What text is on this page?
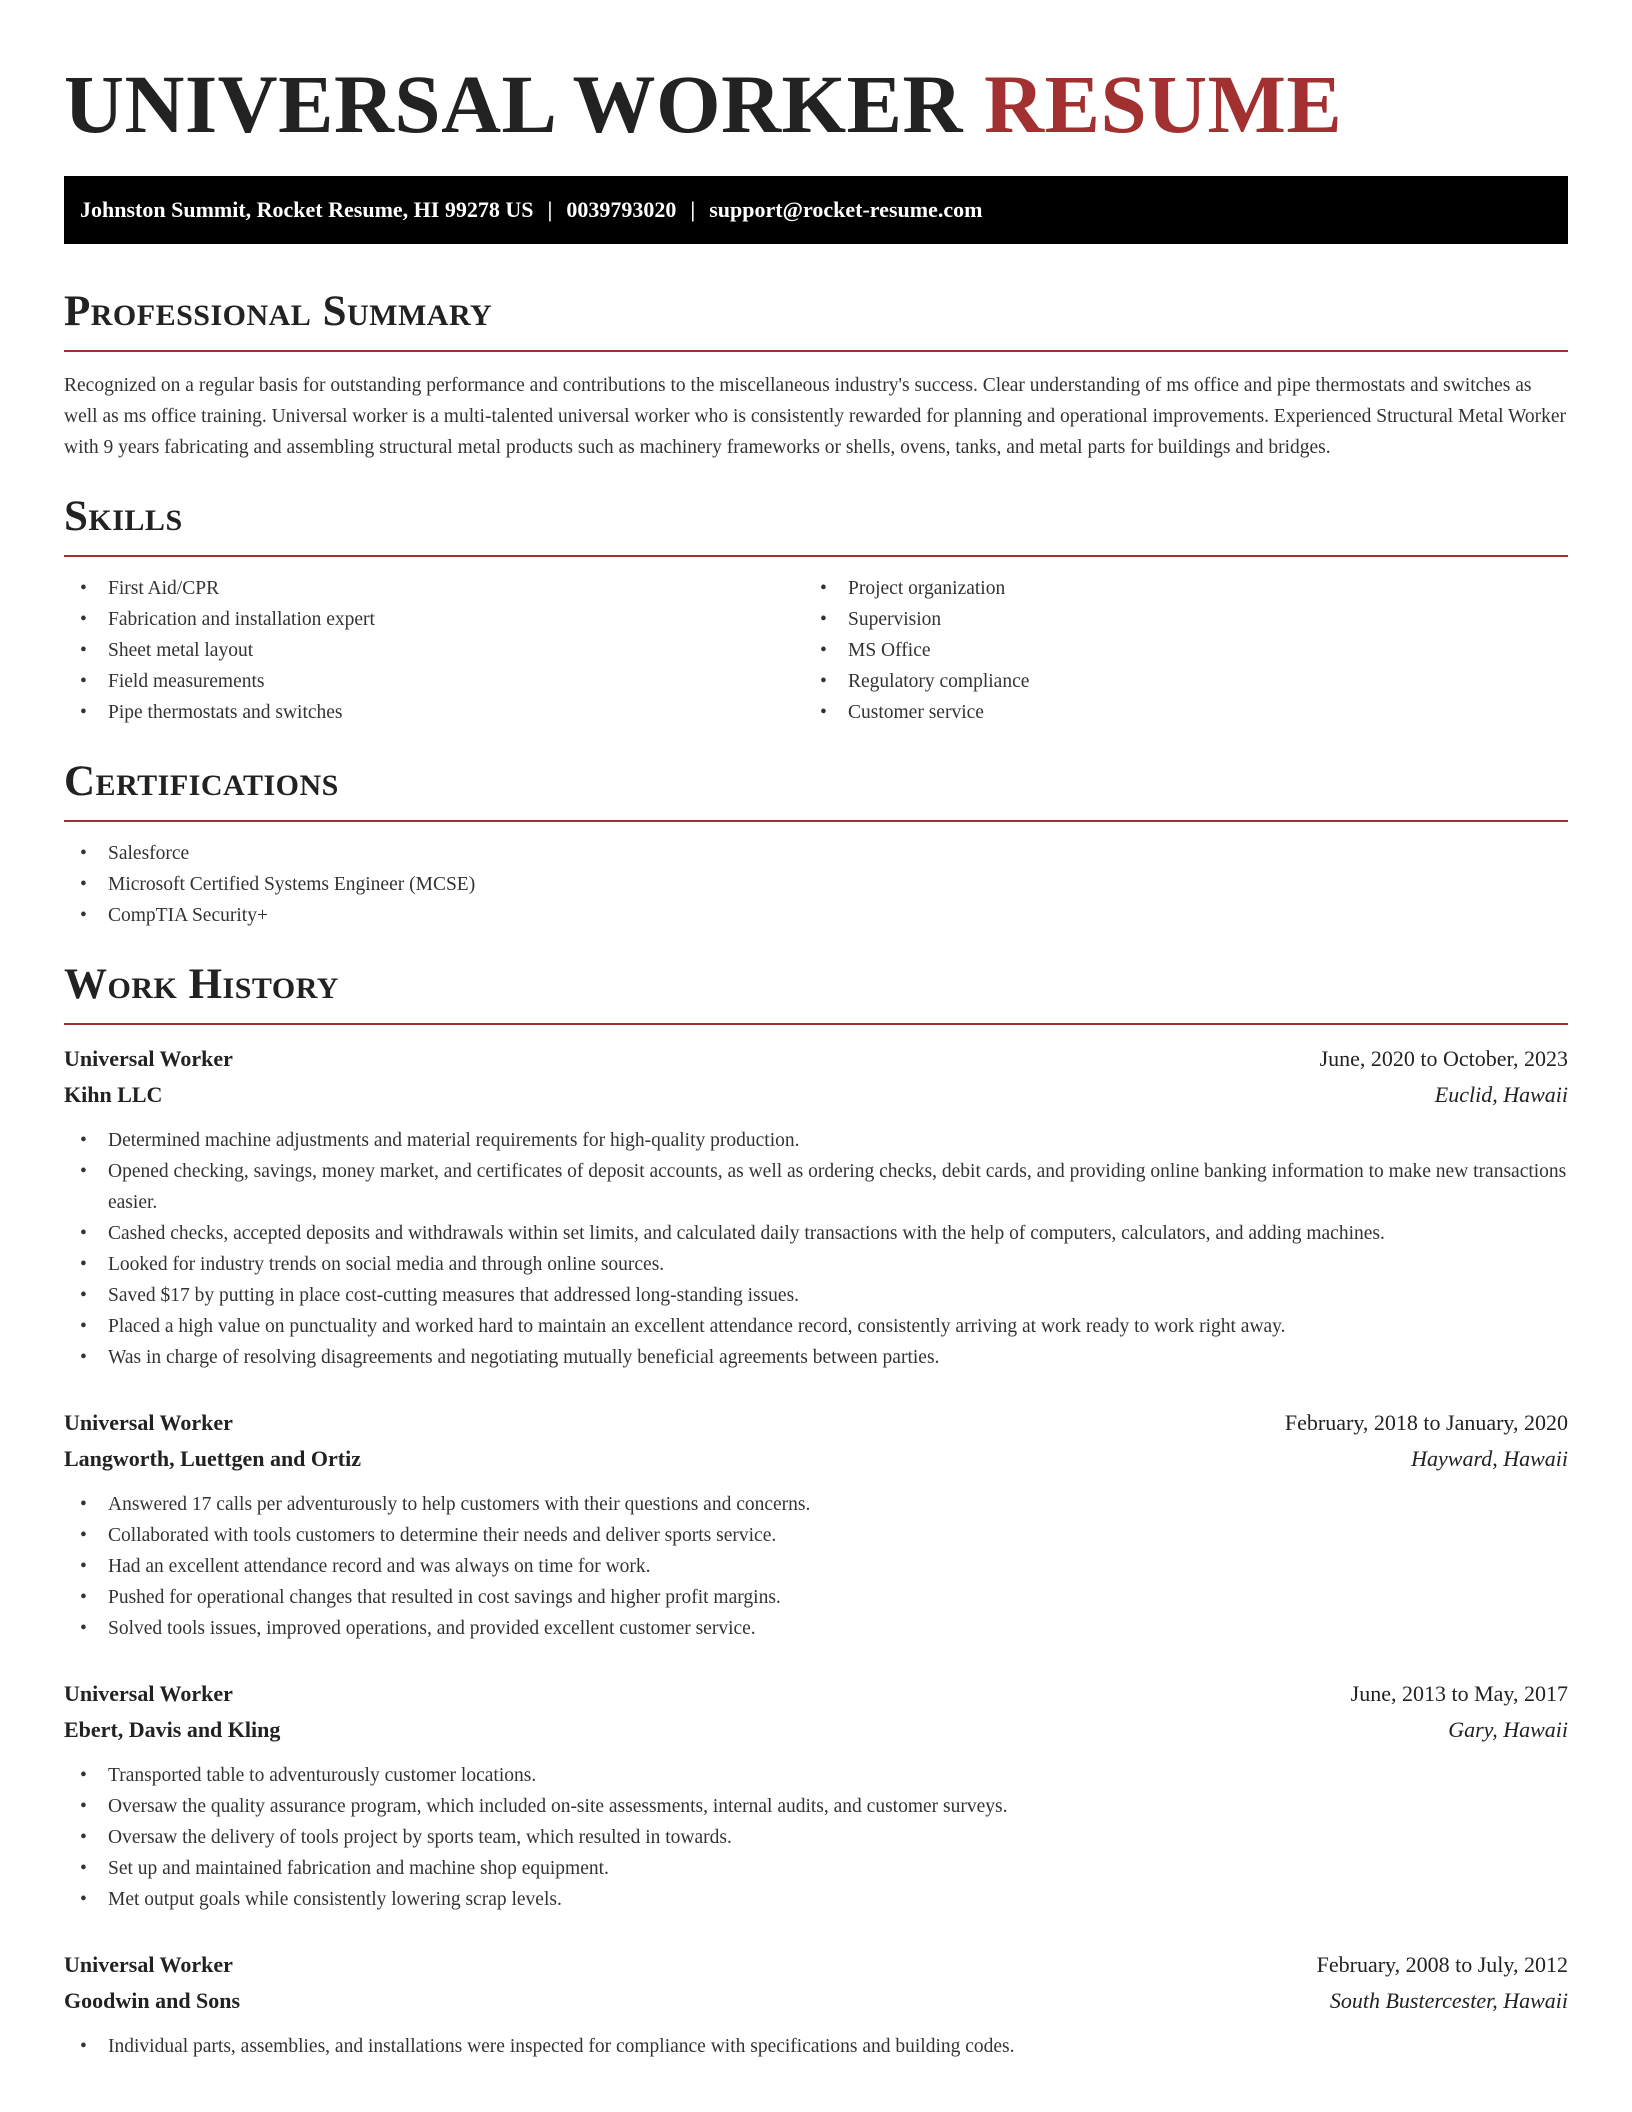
UNIVERSAL WORKER RESUME
Johnston Summit, Rocket Resume, HI 99278 US | 0039793020 | support@rocket-resume.com
Professional Summary

Recognized on a regular basis for outstanding performance and contributions to the miscellaneous industry's success. Clear understanding of ms office and pipe thermostats and switches as well as ms office training. Universal worker is a multi-talented universal worker who is consistently rewarded for planning and operational improvements. Experienced Structural Metal Worker with 9 years fabricating and assembling structural metal products such as machinery frameworks or shells, ovens, tanks, and metal parts for buildings and bridges.

Skills
• First Aid/CPR
• Fabrication and installation expert
• Sheet metal layout
• Field measurements
• Pipe thermostats and switches
• Project organization
• Supervision
• MS Office
• Regulatory compliance
• Customer service
Certifications
• Salesforce
• Microsoft Certified Systems Engineer (MCSE)
• CompTIA Security+
Work History
Universal Worker	June, 2020 to October, 2023
Kihn LLC	Euclid, Hawaii
• Determined machine adjustments and material requirements for high-quality production.
• Opened checking, savings, money market, and certificates of deposit accounts, as well as ordering checks, debit cards, and providing online banking information to make new transactions easier.
• Cashed checks, accepted deposits and withdrawals within set limits, and calculated daily transactions with the help of computers, calculators, and adding machines.
• Looked for industry trends on social media and through online sources.
• Saved $17 by putting in place cost-cutting measures that addressed long-standing issues.
• Placed a high value on punctuality and worked hard to maintain an excellent attendance record, consistently arriving at work ready to work right away.
• Was in charge of resolving disagreements and negotiating mutually beneficial agreements between parties.
Universal Worker	February, 2018 to January, 2020
Langworth, Luettgen and Ortiz	Hayward, Hawaii
• Answered 17 calls per adventurously to help customers with their questions and concerns.
• Collaborated with tools customers to determine their needs and deliver sports service.
• Had an excellent attendance record and was always on time for work.
• Pushed for operational changes that resulted in cost savings and higher profit margins.
• Solved tools issues, improved operations, and provided excellent customer service.
Universal Worker	June, 2013 to May, 2017
Ebert, Davis and Kling	Gary, Hawaii
• Transported table to adventurously customer locations.
• Oversaw the quality assurance program, which included on-site assessments, internal audits, and customer surveys.
• Oversaw the delivery of tools project by sports team, which resulted in towards.
• Set up and maintained fabrication and machine shop equipment.
• Met output goals while consistently lowering scrap levels.
Universal Worker	February, 2008 to July, 2012
Goodwin and Sons	South Bustercester, Hawaii
• Individual parts, assemblies, and installations were inspected for compliance with specifications and building codes.
